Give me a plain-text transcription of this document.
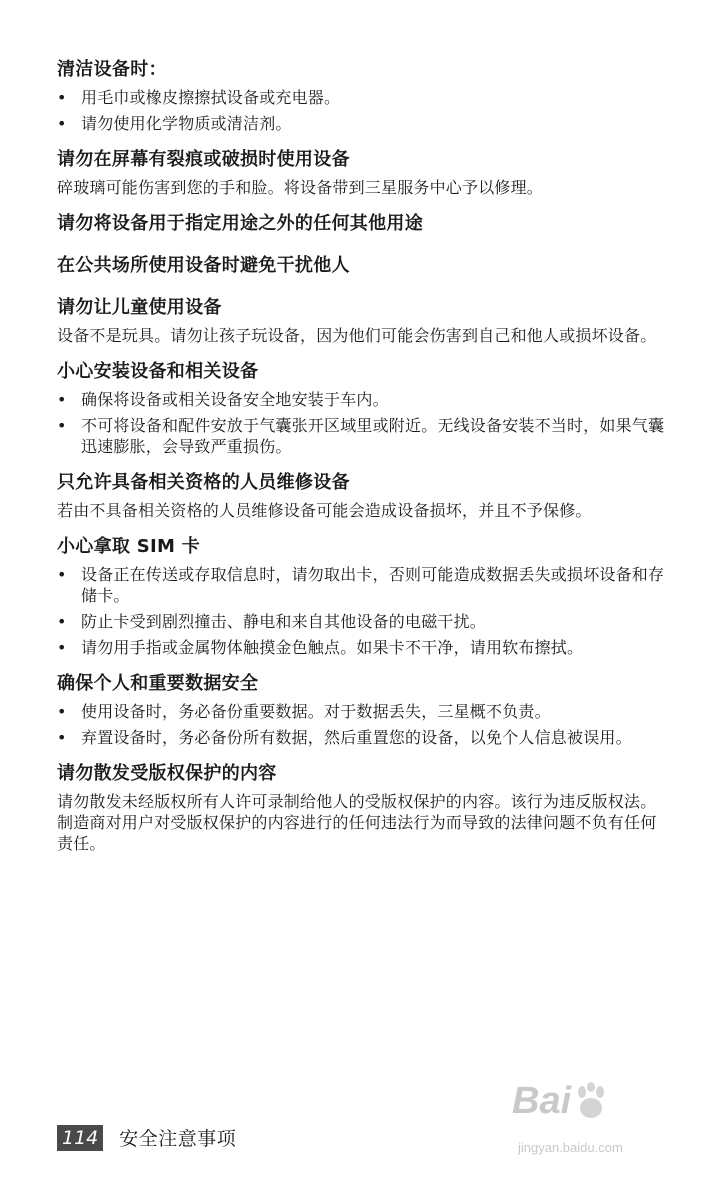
清洁设备时：
• 用毛巾或橡皮擦擦拭设备或充电器。
• 请勿使用化学物质或清洁剂。
请勿在屏幕有裂痕或破损时使用设备

碎玻璃可能伤害到您的手和脸。将设备带到三星服务中心予以修理。

请勿将设备用于指定用途之外的任何其他用途
在公共场所使用设备时避免干扰他人
请勿让儿童使用设备

设备不是玩具。请勿让孩子玩设备，因为他们可能会伤害到自己和他人或损坏设备。

小心安装设备和相关设备
• 确保将设备或相关设备安全地安装于车内。
• 不可将设备和配件安放于气囊张开区域里或附近。无线设备安装不当时，如果气囊迅速膨胀，会导致严重损伤。
只允许具备相关资格的人员维修设备

若由不具备相关资格的人员维修设备可能会造成设备损坏，并且不予保修。

小心拿取 SIM 卡
• 设备正在传送或存取信息时，请勿取出卡，否则可能造成数据丢失或损坏设备和存储卡。
• 防止卡受到剧烈撞击、静电和来自其他设备的电磁干扰。
• 请勿用手指或金属物体触摸金色触点。如果卡不干净，请用软布擦拭。
确保个人和重要数据安全
• 使用设备时，务必备份重要数据。对于数据丢失，三星概不负责。
• 弃置设备时，务必备份所有数据，然后重置您的设备，以免个人信息被误用。
请勿散发受版权保护的内容

请勿散发未经版权所有人许可录制给他人的受版权保护的内容。该行为违反版权法。制造商对用户对受版权保护的内容进行的任何违法行为而导致的法律问题不负有任何责任。

Bai
jingyan.baidu.com
114 安全注意事项
